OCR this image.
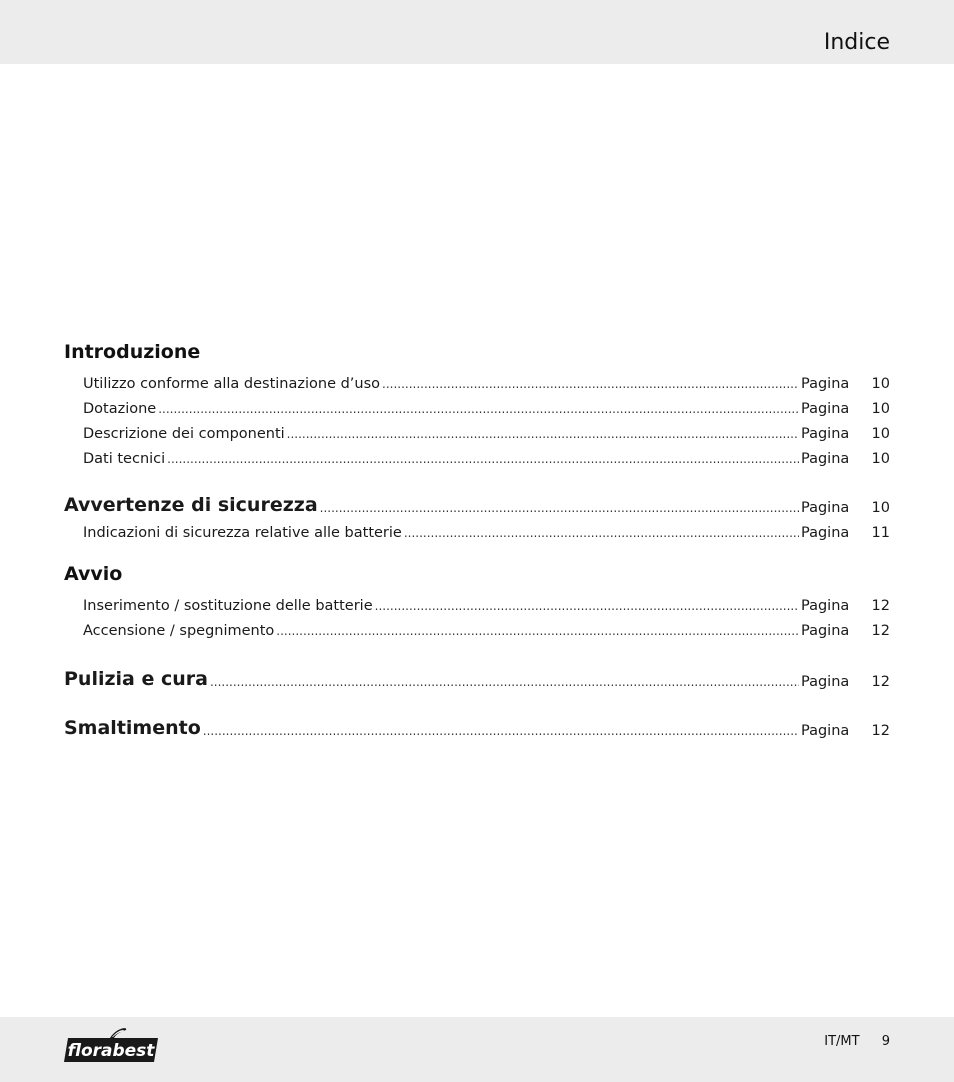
Indice
Introduzione
Utilizzo conforme alla destinazione d’uso .....	Pagina	10
Dotazione .....	Pagina	10
Descrizione dei componenti .....	Pagina	10
Dati tecnici .....	Pagina	10
Avvertenze di sicurezza .....	Pagina	10
Indicazioni di sicurezza relative alle batterie .....	Pagina	11
Avvio
Inserimento / sostituzione delle batterie .....	Pagina	12
Accensione / spegnimento .....	Pagina	12
Pulizia e cura .....	Pagina	12
Smaltimento .....	Pagina	12
florabest	IT/MT 9
